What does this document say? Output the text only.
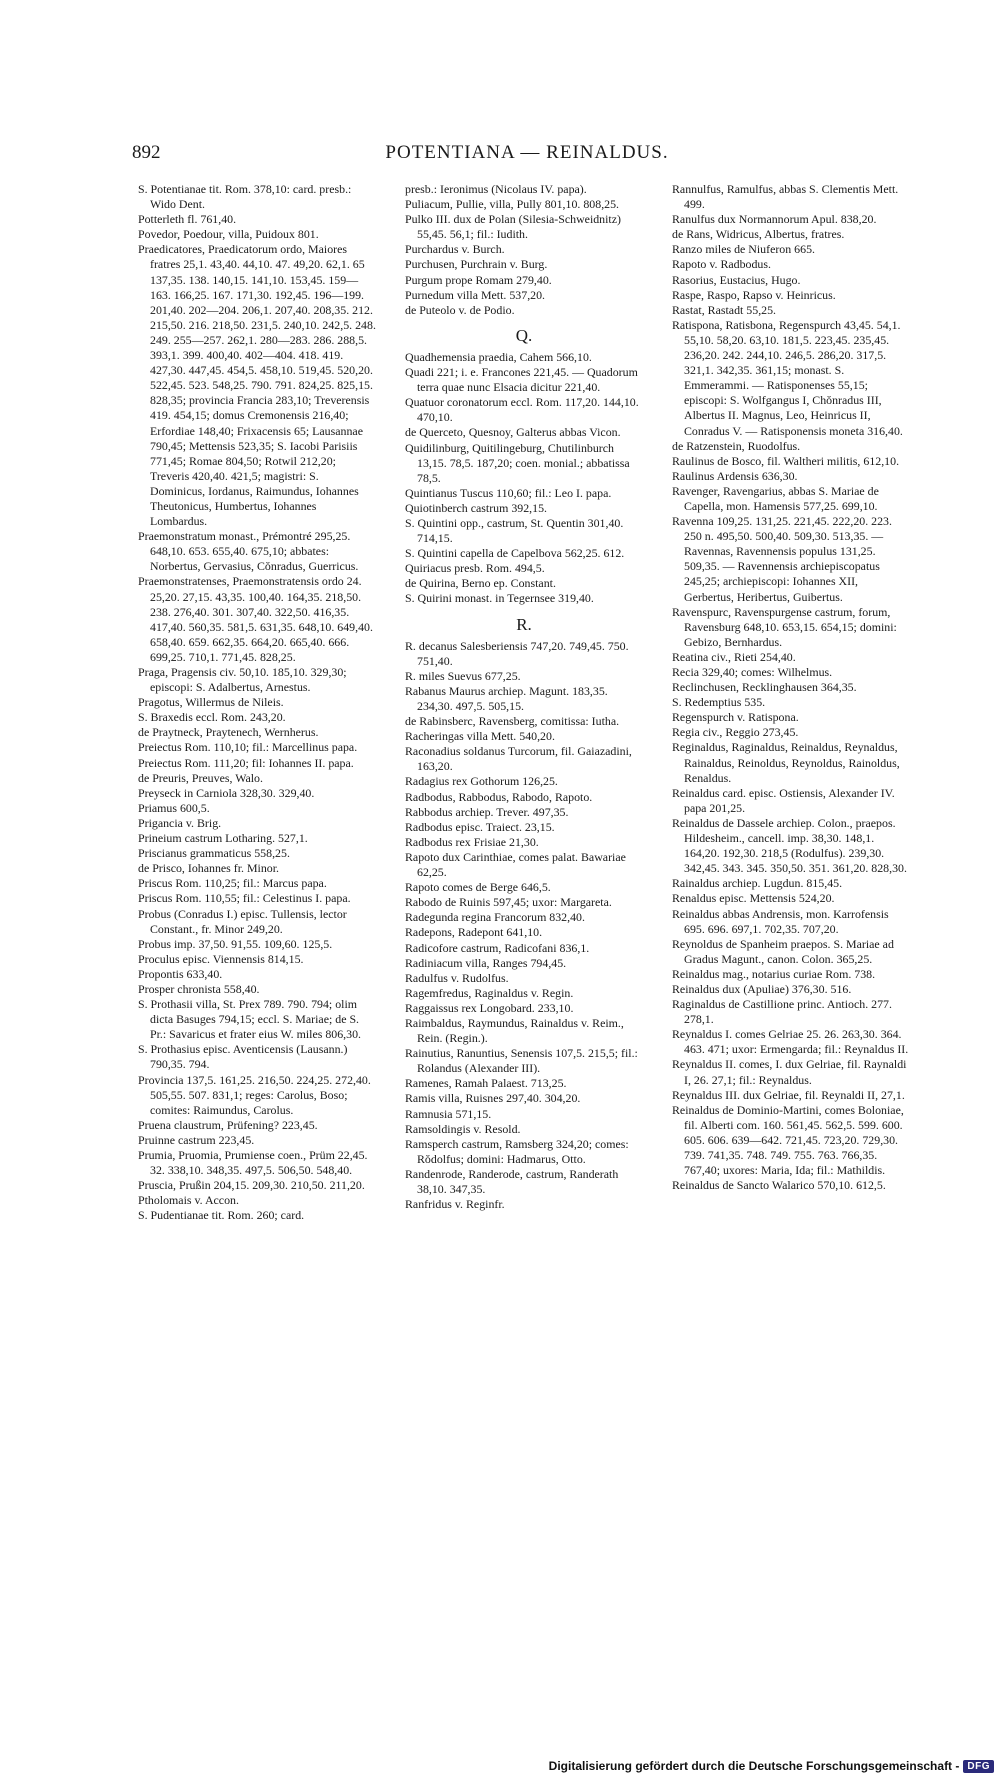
892	POTENTIANA — REINALDUS.

S. Potentianae tit. Rom. 378,10: card. presb.: Wido Dent.

Potterleth fl. 761,40.

Povedor, Poedour, villa, Puidoux 801.

Praedicatores, Praedicatorum ordo, Maiores fratres 25,1. 43,40. 44,10. 47. 49,20. 62,1. 65 137,35. 138. 140,15. 141,10. 153,45. 159—163. 166,25. 167. 171,30. 192,45. 196—199. 201,40. 202—204. 206,1. 207,40. 208,35. 212. 215,50. 216. 218,50. 231,5. 240,10. 242,5. 248. 249. 255—257. 262,1. 280—283. 286. 288,5. 393,1. 399. 400,40. 402—404. 418. 419. 427,30. 447,45. 454,5. 458,10. 519,45. 520,20. 522,45. 523. 548,25. 790. 791. 824,25. 825,15. 828,35; provincia Francia 283,10; Treverensis 419. 454,15; domus Cremonensis 216,40; Erfordiae 148,40; Frixacensis 65; Lausannae 790,45; Mettensis 523,35; S. Iacobi Parisiis 771,45; Romae 804,50; Rotwil 212,20; Treveris 420,40. 421,5; magistri: S. Dominicus, Iordanus, Raimundus, Iohannes Theutonicus, Humbertus, Iohannes Lombardus.

Praemonstratum monast., Prémontré 295,25. 648,10. 653. 655,40. 675,10; abbates: Norbertus, Gervasius, Cŏnradus, Guerricus.

Praemonstratenses, Praemonstratensis ordo 24. 25,20. 27,15. 43,35. 100,40. 164,35. 218,50. 238. 276,40. 301. 307,40. 322,50. 416,35. 417,40. 560,35. 581,5. 631,35. 648,10. 649,40. 658,40. 659. 662,35. 664,20. 665,40. 666. 699,25. 710,1. 771,45. 828,25.

Praga, Pragensis civ. 50,10. 185,10. 329,30; episcopi: S. Adalbertus, Arnestus.

Pragotus, Willermus de Nileis.

S. Braxedis eccl. Rom. 243,20.

de Praytneck, Praytenech, Wernherus.

Preiectus Rom. 110,10; fil.: Marcellinus papa.

Preiectus Rom. 111,20; fil: Iohannes II. papa.

de Preuris, Preuves, Walo.

Preyseck in Carniola 328,30. 329,40.

Priamus 600,5.

Prigancia v. Brig.

Prineium castrum Lotharing. 527,1.

Priscianus grammaticus 558,25.

de Prisco, Iohannes fr. Minor.

Priscus Rom. 110,25; fil.: Marcus papa.

Priscus Rom. 110,55; fil.: Celestinus I. papa.

Probus (Conradus I.) episc. Tullensis, lector Constant., fr. Minor 249,20.

Probus imp. 37,50. 91,55. 109,60. 125,5.

Proculus episc. Viennensis 814,15.

Propontis 633,40.

Prosper chronista 558,40.

S. Prothasii villa, St. Prex 789. 790. 794; olim dicta Basuges 794,15; eccl. S. Mariae; de S. Pr.: Savaricus et frater eius W. miles 806,30.

S. Prothasius episc. Aventicensis (Lausann.) 790,35. 794.

Provincia 137,5. 161,25. 216,50. 224,25. 272,40. 505,55. 507. 831,1; reges: Carolus, Boso; comites: Raimundus, Carolus.

Pruena claustrum, Prüfening? 223,45.

Pruinne castrum 223,45.

Prumia, Pruomia, Prumiense coen., Prüm 22,45. 32. 338,10. 348,35. 497,5. 506,50. 548,40.

Pruscia, Prußin 204,15. 209,30. 210,50. 211,20.

Ptholomais v. Accon.

S. Pudentianae tit. Rom. 260; card.

presb.: Ieronimus (Nicolaus IV. papa).

Puliacum, Pullie, villa, Pully 801,10. 808,25.

Pulko III. dux de Polan (Silesia-Schweidnitz) 55,45. 56,1; fil.: Iudith.

Purchardus v. Burch.

Purchusen, Purchrain v. Burg.

Purgum prope Romam 279,40.

Purnedum villa Mett. 537,20.

de Puteolo v. de Podio.

Q.

Quadhemensia praedia, Cahem 566,10.

Quadi 221; i. e. Francones 221,45. — Quadorum terra quae nunc Elsacia dicitur 221,40.

Quatuor coronatorum eccl. Rom. 117,20. 144,10. 470,10.

de Querceto, Quesnoy, Galterus abbas Vicon.

Quidilinburg, Quitilingeburg, Chutilinburch 13,15. 78,5. 187,20; coen. monial.; abbatissa 78,5.

Quintianus Tuscus 110,60; fil.: Leo I. papa.

Quiotinberch castrum 392,15.

S. Quintini opp., castrum, St. Quentin 301,40. 714,15.

S. Quintini capella de Capelbova 562,25. 612.

Quiriacus presb. Rom. 494,5.

de Quirina, Berno ep. Constant.

S. Quirini monast. in Tegernsee 319,40.

R.

R. decanus Salesberiensis 747,20. 749,45. 750. 751,40.

R. miles Suevus 677,25.

Rabanus Maurus archiep. Magunt. 183,35. 234,30. 497,5. 505,15.

de Rabinsberc, Ravensberg, comitissa: Iutha.

Racheringas villa Mett. 540,20.

Raconadius soldanus Turcorum, fil. Gaiazadini, 163,20.

Radagius rex Gothorum 126,25.

Radbodus, Rabbodus, Rabodo, Rapoto.

Rabbodus archiep. Trever. 497,35.

Radbodus episc. Traiect. 23,15.

Radbodus rex Frisiae 21,30.

Rapoto dux Carinthiae, comes palat. Bawariae 62,25.

Rapoto comes de Berge 646,5.

Rabodo de Ruinis 597,45; uxor: Margareta.

Radegunda regina Francorum 832,40.

Radepons, Radepont 641,10.

Radicofore castrum, Radicofani 836,1.

Radiniacum villa, Ranges 794,45.

Radulfus v. Rudolfus.

Ragemfredus, Raginaldus v. Regin.

Raggaissus rex Longobard. 233,10.

Raimbaldus, Raymundus, Rainaldus v. Reim., Rein. (Regin.).

Rainutius, Ranuntius, Senensis 107,5. 215,5; fil.: Rolandus (Alexander III).

Ramenes, Ramah Palaest. 713,25.

Ramis villa, Ruisnes 297,40. 304,20.

Ramnusia 571,15.

Ramsoldingis v. Resold.

Ramsperch castrum, Ramsberg 324,20; comes: Rŏdolfus; domini: Hadmarus, Otto.

Randenrode, Randerode, castrum, Randerath 38,10. 347,35.

Ranfridus v. Reginfr.

Rannulfus, Ramulfus, abbas S. Clementis Mett. 499.

Ranulfus dux Normannorum Apul. 838,20.

de Rans, Widricus, Albertus, fratres.

Ranzo miles de Niuferon 665.

Rapoto v. Radbodus.

Rasorius, Eustacius, Hugo.

Raspe, Raspo, Rapso v. Heinricus.

Rastat, Rastadt 55,25.

Ratispona, Ratisbona, Regenspurch 43,45. 54,1. 55,10. 58,20. 63,10. 181,5. 223,45. 235,45. 236,20. 242. 244,10. 246,5. 286,20. 317,5. 321,1. 342,35. 361,15; monast. S. Emmerammi. — Ratisponenses 55,15; episcopi: S. Wolfgangus I, Chŏnradus III, Albertus II. Magnus, Leo, Heinricus II, Conradus V. — Ratisponensis moneta 316,40.

de Ratzenstein, Ruodolfus.

Raulinus de Bosco, fil. Waltheri militis, 612,10.

Raulinus Ardensis 636,30.

Ravenger, Ravengarius, abbas S. Mariae de Capella, mon. Hamensis 577,25. 699,10.

Ravenna 109,25. 131,25. 221,45. 222,20. 223. 250 n. 495,50. 500,40. 509,30. 513,35. — Ravennas, Ravennensis populus 131,25. 509,35. — Ravennensis archiepiscopatus 245,25; archiepiscopi: Iohannes XII, Gerbertus, Heribertus, Guibertus.

Ravenspurc, Ravenspurgense castrum, forum, Ravensburg 648,10. 653,15. 654,15; domini: Gebizo, Bernhardus.

Reatina civ., Rieti 254,40.

Recia 329,40; comes: Wilhelmus.

Reclinchusen, Recklinghausen 364,35.

S. Redemptius 535.

Regenspurch v. Ratispona.

Regia civ., Reggio 273,45.

Reginaldus, Raginaldus, Reinaldus, Reynaldus, Rainaldus, Reinoldus, Reynoldus, Rainoldus, Renaldus.

Reinaldus card. episc. Ostiensis, Alexander IV. papa 201,25.

Reinaldus de Dassele archiep. Colon., praepos. Hildesheim., cancell. imp. 38,30. 148,1. 164,20. 192,30. 218,5 (Rodulfus). 239,30. 342,45. 343. 345. 350,50. 351. 361,20. 828,30.

Rainaldus archiep. Lugdun. 815,45.

Renaldus episc. Mettensis 524,20.

Reinaldus abbas Andrensis, mon. Karrofensis 695. 696. 697,1. 702,35. 707,20.

Reynoldus de Spanheim praepos. S. Mariae ad Gradus Magunt., canon. Colon. 365,25.

Reinaldus mag., notarius curiae Rom. 738.

Reinaldus dux (Apuliae) 376,30. 516.

Raginaldus de Castillione princ. Antioch. 277. 278,1.

Reynaldus I. comes Gelriae 25. 26. 263,30. 364. 463. 471; uxor: Ermengarda; fil.: Reynaldus II.

Reynaldus II. comes, I. dux Gelriae, fil. Raynaldi I, 26. 27,1; fil.: Reynaldus.

Reynaldus III. dux Gelriae, fil. Reynaldi II, 27,1.

Reinaldus de Dominio-Martini, comes Boloniae, fil. Alberti com. 160. 561,45. 562,5. 599. 600. 605. 606. 639—642. 721,45. 723,20. 729,30. 739. 741,35. 748. 749. 755. 763. 766,35. 767,40; uxores: Maria, Ida; fil.: Mathildis.

Reinaldus de Sancto Walarico 570,10. 612,5.

Digitalisierung gefördert durch die Deutsche Forschungsgemeinschaft - DFG
